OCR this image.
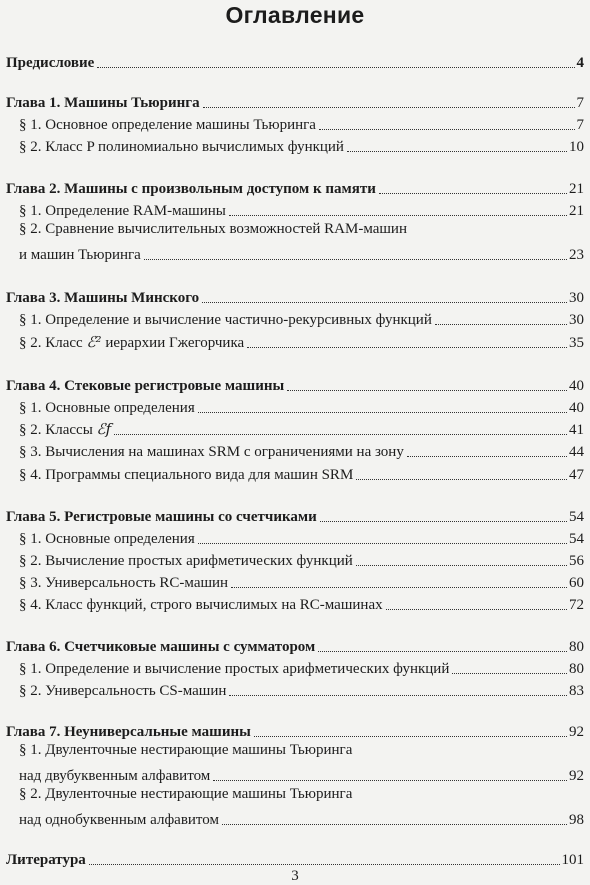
Оглавление
Предисловие	4
Глава 1. Машины Тьюринга	7
§ 1. Основное определение машины Тьюринга	7
§ 2. Класс P полиномиально вычислимых функций	10
Глава 2. Машины с произвольным доступом к памяти	21
§ 1. Определение RAM-машины	21
§ 2. Сравнение вычислительных возможностей RAM-машин
и машин Тьюринга	23
Глава 3. Машины Минского	30
§ 1. Определение и вычисление частично-рекурсивных функций	30
§ 2. Класс ℰ² иерархии Гжегорчика	35
Глава 4. Стековые регистровые машины	40
§ 1. Основные определения	40
§ 2. Классы ℰf	41
§ 3. Вычисления на машинах SRM с ограничениями на зону	44
§ 4. Программы специального вида для машин SRM	47
Глава 5. Регистровые машины со счетчиками	54
§ 1. Основные определения	54
§ 2. Вычисление простых арифметических функций	56
§ 3. Универсальность RC-машин	60
§ 4. Класс функций, строго вычислимых на RC-машинах	72
Глава 6. Счетчиковые машины с сумматором	80
§ 1. Определение и вычисление простых арифметических функций	80
§ 2. Универсальность CS-машин	83
Глава 7. Неуниверсальные машины	92
§ 1. Двуленточные нестирающие машины Тьюринга
над двубуквенным алфавитом	92
§ 2. Двуленточные нестирающие машины Тьюринга
над однобуквенным алфавитом	98
Литература	101
3
